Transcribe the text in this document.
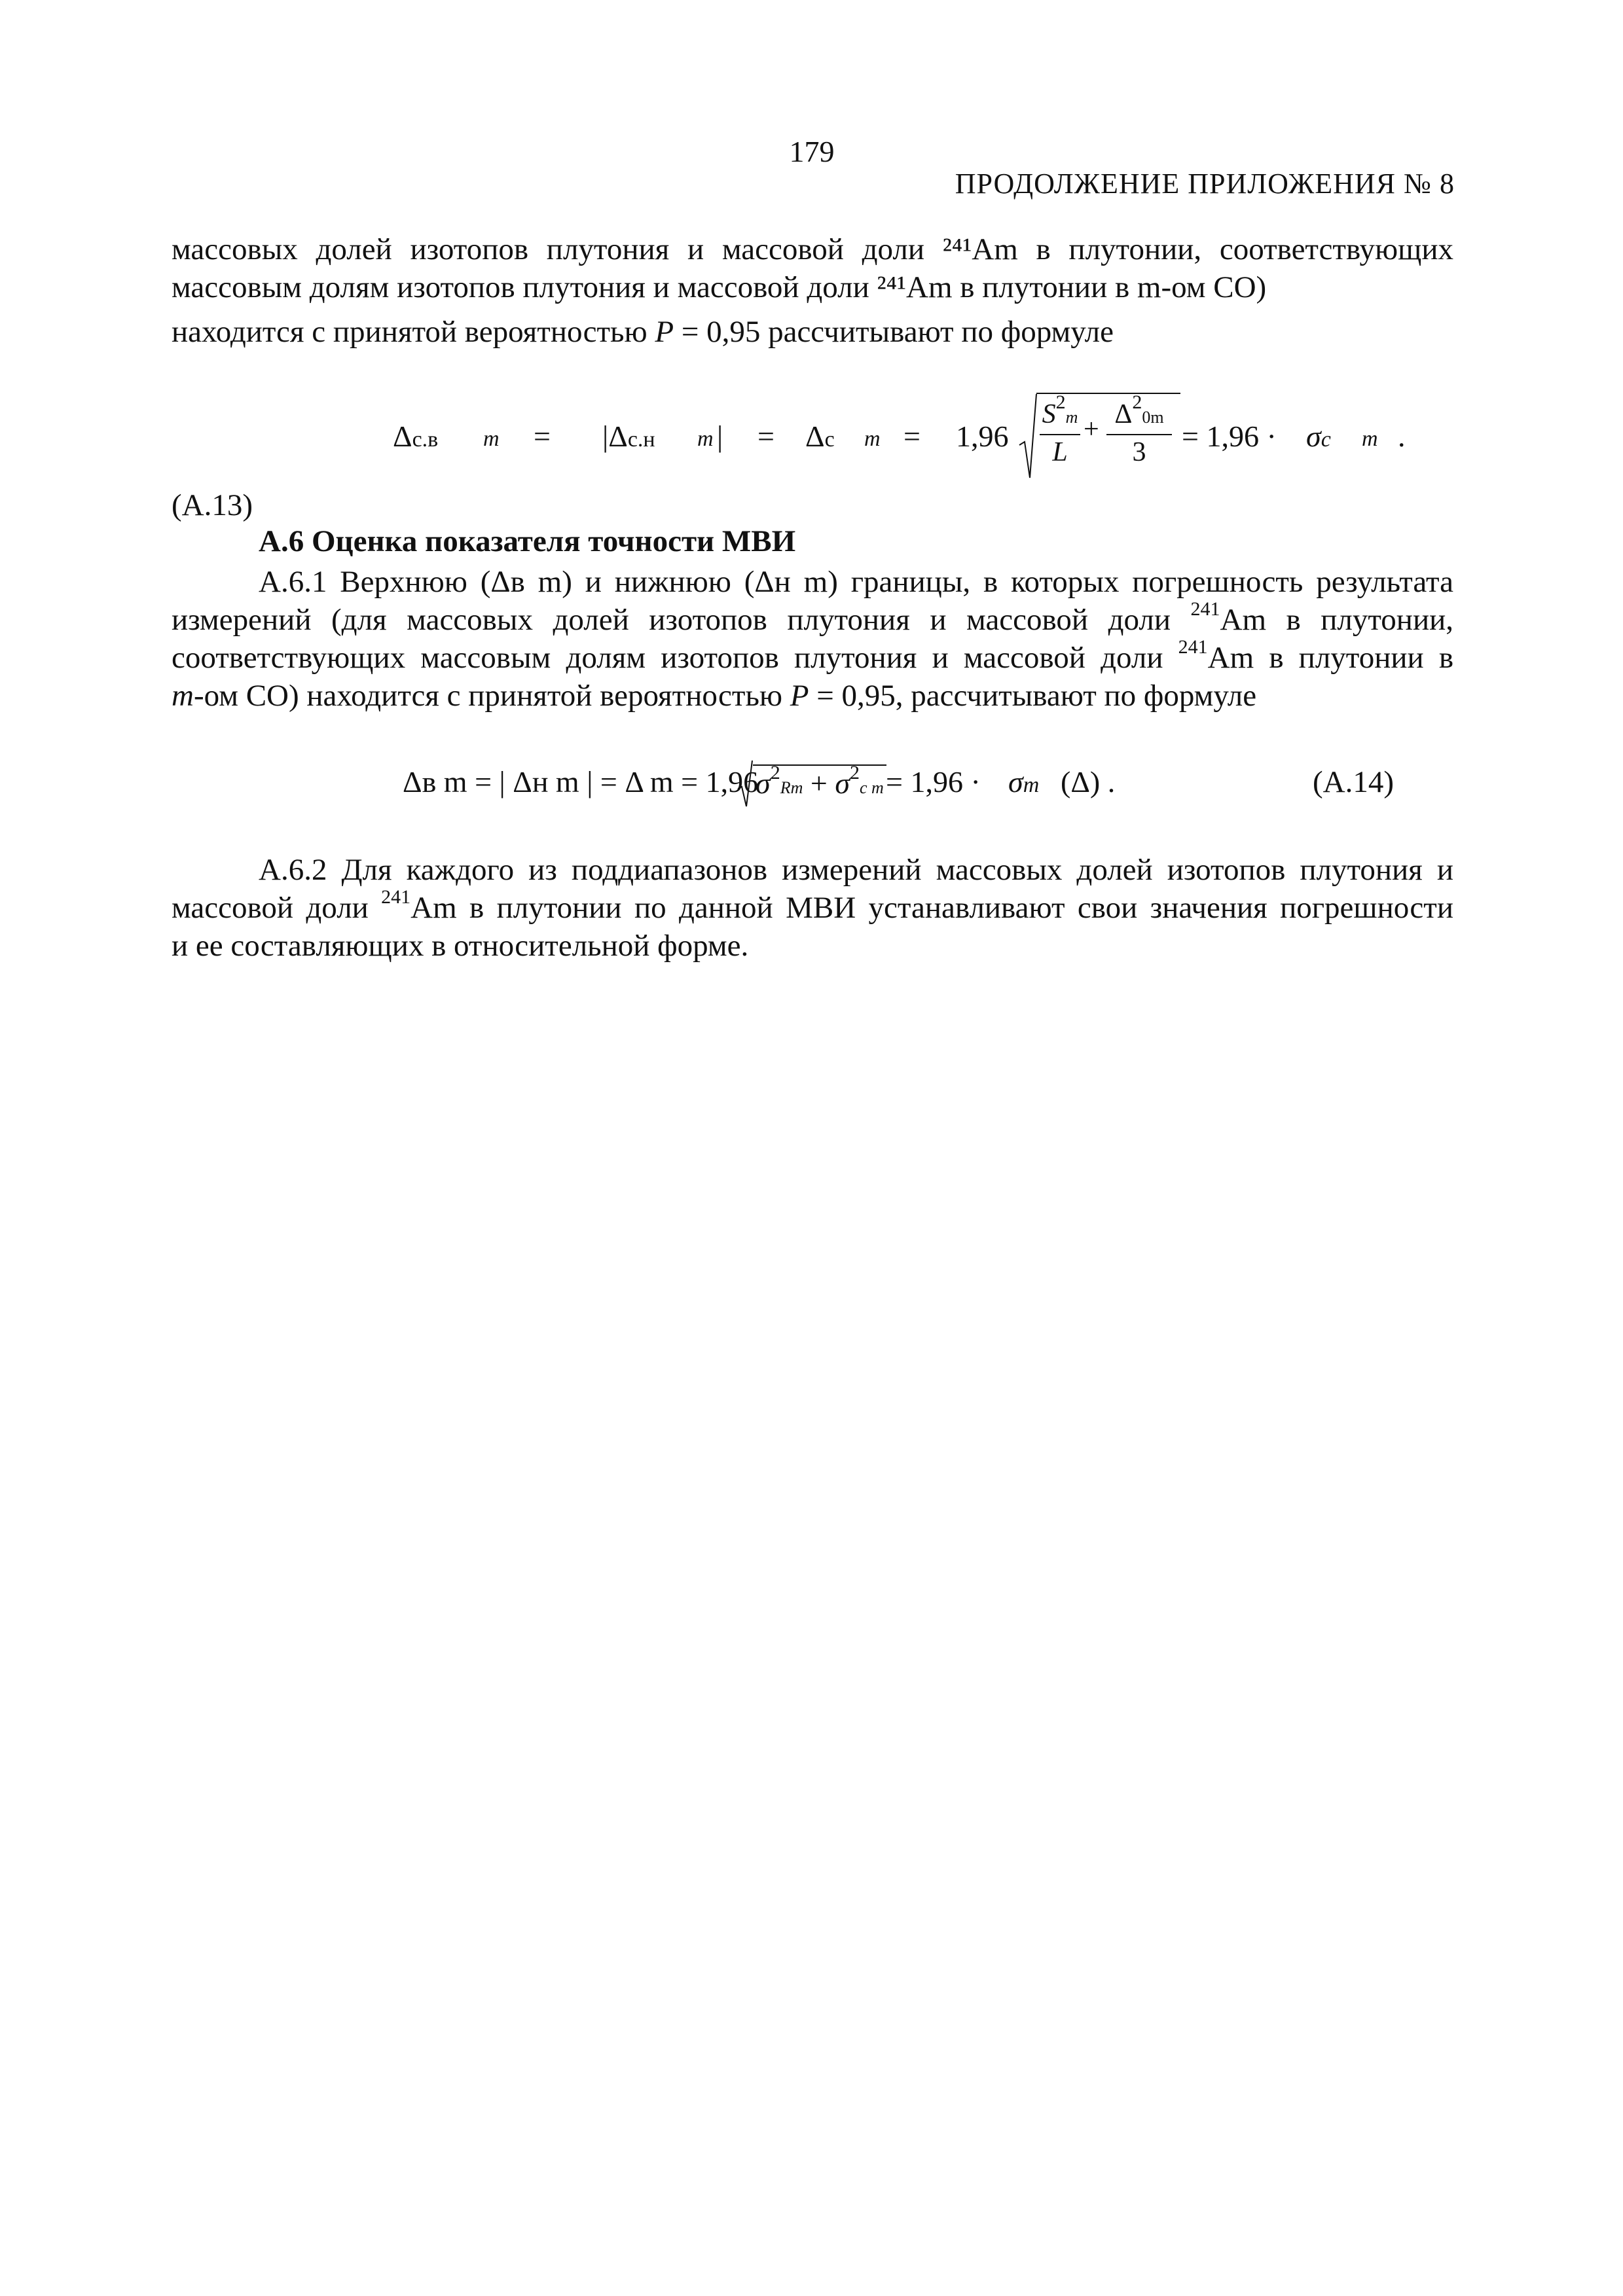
179
ПРОДОЛЖЕНИЕ ПРИЛОЖЕНИЯ № 8
массовых долей изотопов плутония и массовой доли ²⁴¹Am в плутонии, соответствующих массовым долям изотопов плутония и массовой доли ²⁴¹Am в плутонии в m-ом СО)
находится с принятой вероятностью P = 0,95 рассчитывают по формуле
Δс.в m = |Δс.н m | = Δс m = 1,96
$S^2m$
L
+ $\Delta^20m$
3	= 1,96 · σc m .
(А.13)
А.6 Оценка показателя точности МВИ
А.6.1 Верхнюю (Δв m) и нижнюю (Δн m) границы, в которых погрешность результата
измерений (для массовых долей изотопов плутония и массовой доли $^{241}$Am в плутонии,
соответствующих массовым долям изотопов плутония и массовой доли $^{241}$Am в плутонии в
m-ом СО) находится с принятой вероятностью P = 0,95, рассчитывают по формуле
Δв m = | Δн m | = Δ m = 1,96
$\sigma^2Rm + \sigma^2c$ m = 1,96 · σm (Δ) .	(А.14)
А.6.2 Для каждого из поддиапазонов измерений массовых долей изотопов плутония и
массовой доли $^{241}$Am в плутонии по данной МВИ устанавливают свои значения погрешности
и ее составляющих в относительной форме.
